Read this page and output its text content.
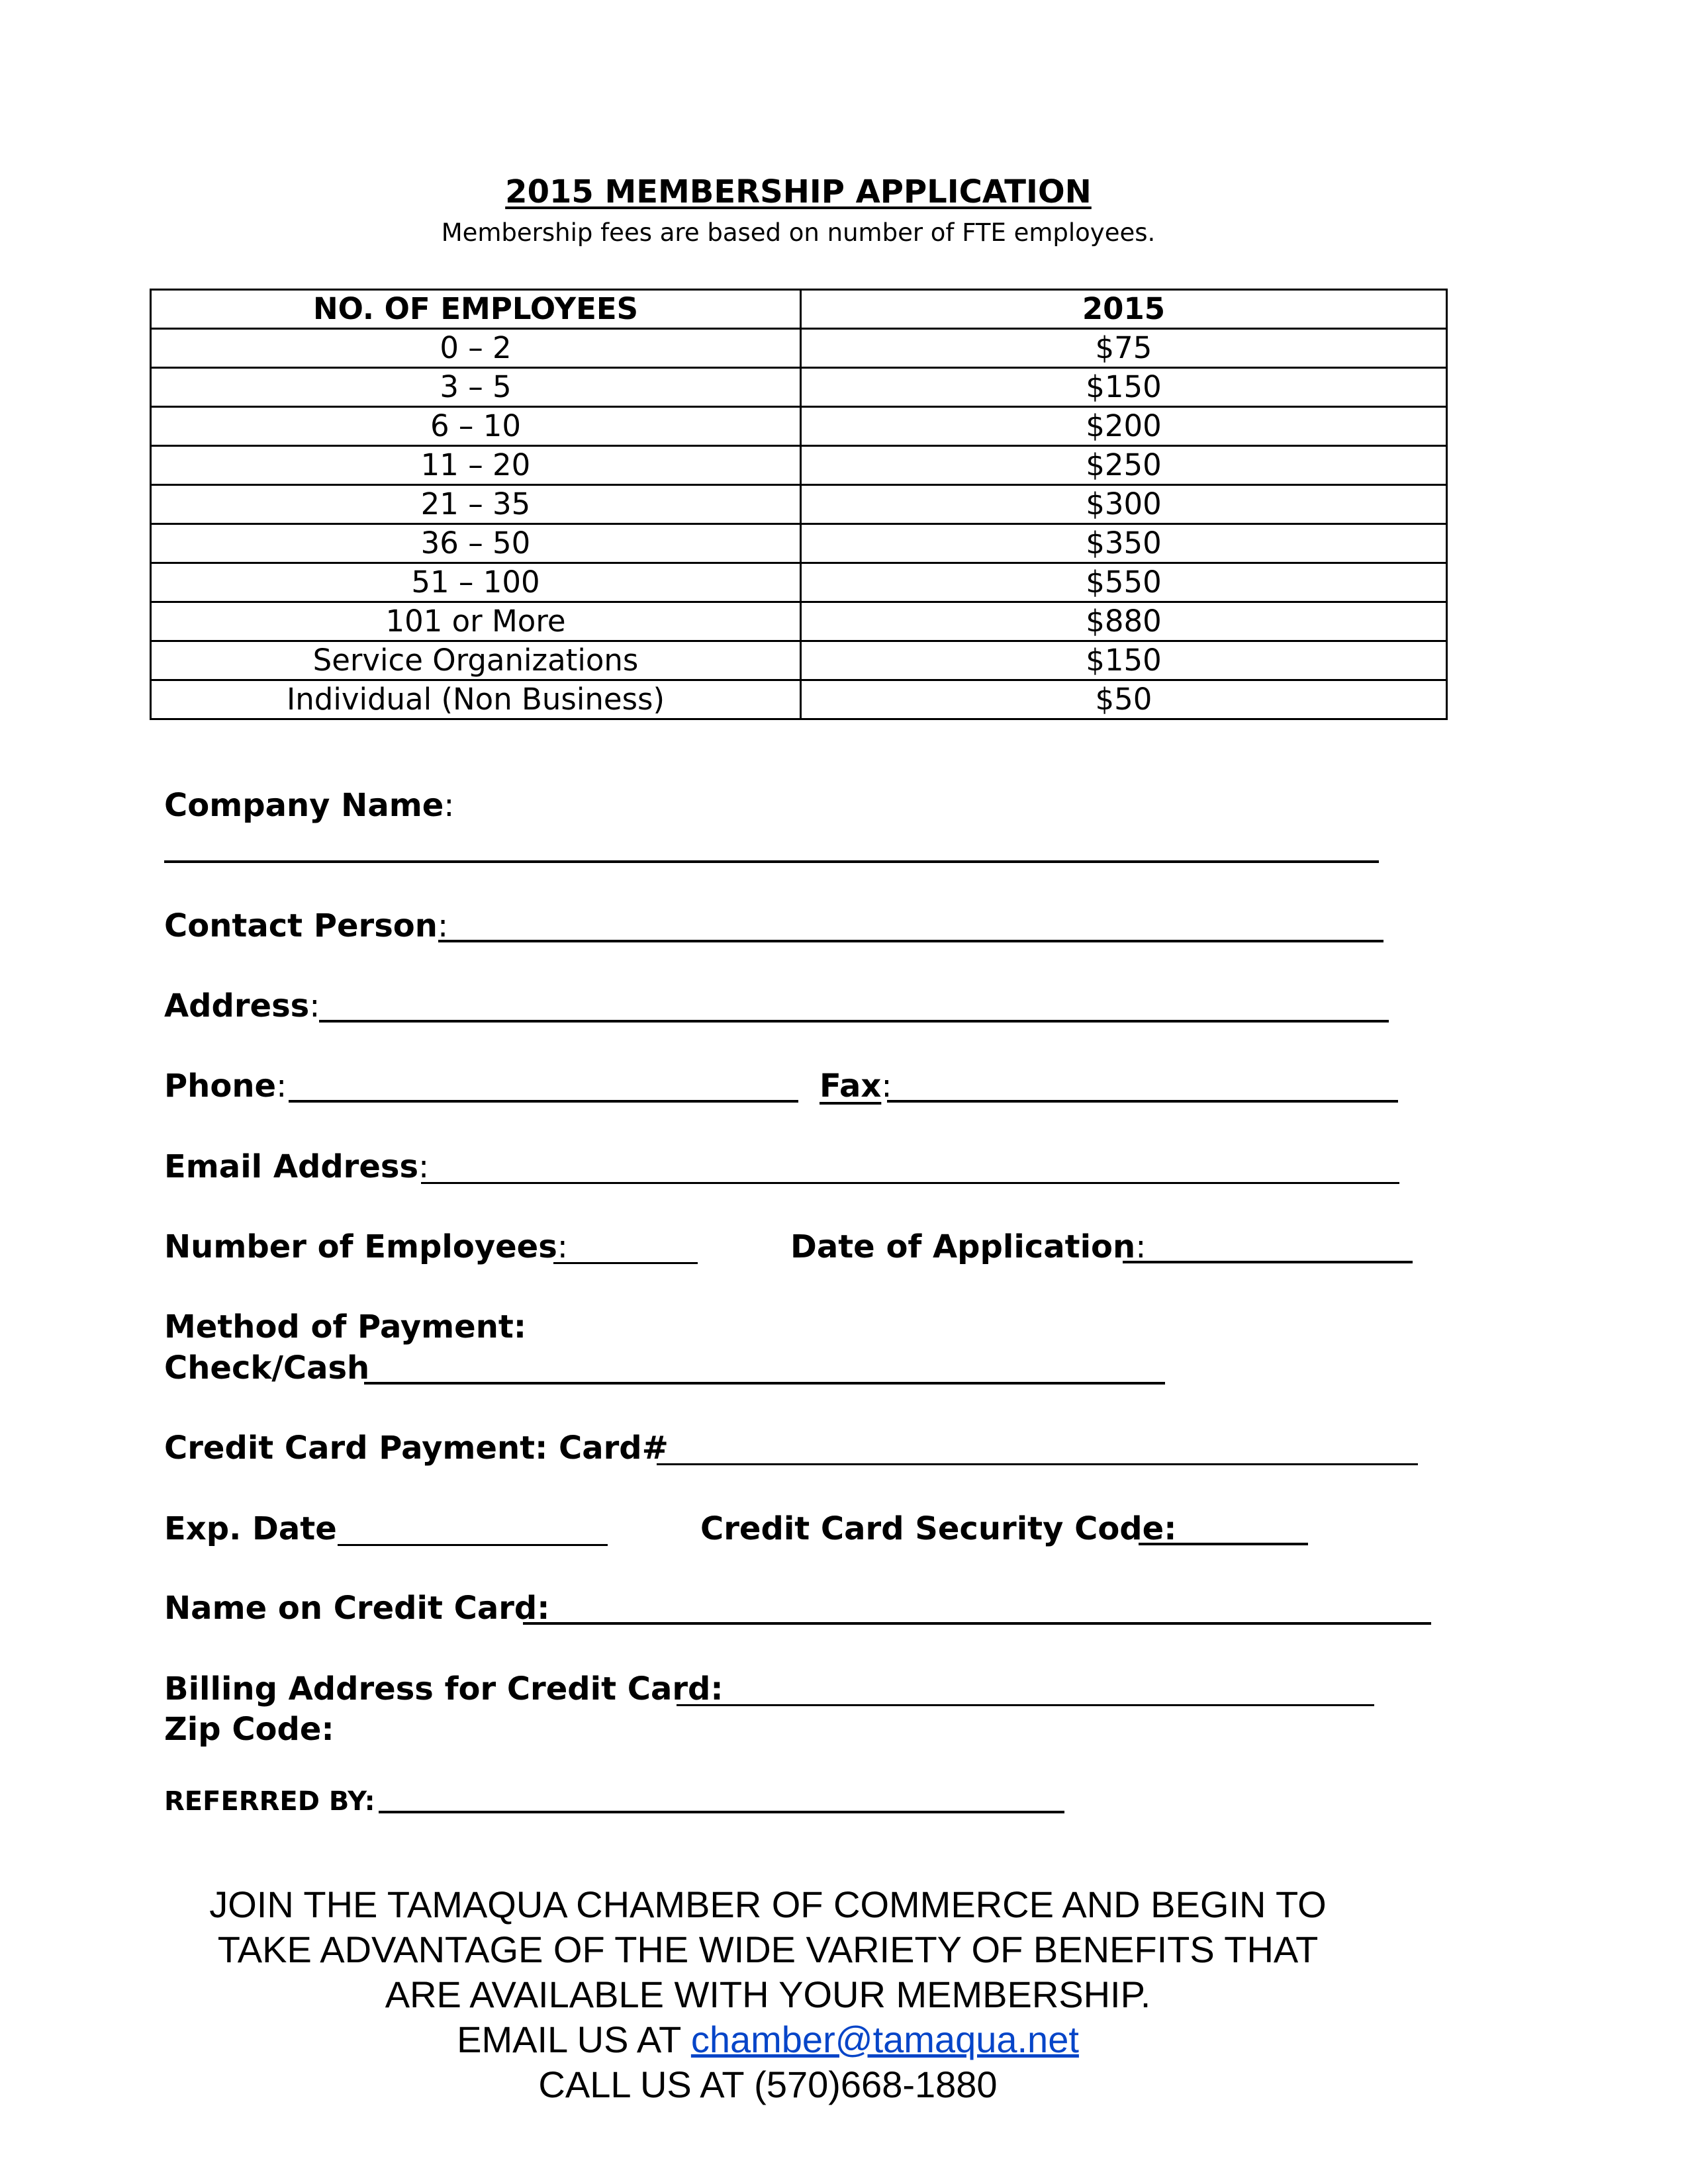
2015 MEMBERSHIP APPLICATION
Membership fees are based on number of FTE employees.
NO. OF EMPLOYEES	2015
0 – 2	$75
3 – 5	$150
6 – 10	$200
11 – 20	$250
21 – 35	$300
36 – 50	$350
51 – 100	$550
101 or More	$880
Service Organizations	$150
Individual (Non Business)	$50
Company Name:
Contact Person:
Address:
Phone:	Fax:
Email Address:
Number of Employees:	Date of Application:
Method of Payment:
Check/Cash
Credit Card Payment: Card#
Exp. Date	Credit Card Security Code:
Name on Credit Card:
Billing Address for Credit Card:
Zip Code:
REFERRED BY:
JOIN THE TAMAQUA CHAMBER OF COMMERCE AND BEGIN TO
TAKE ADVANTAGE OF THE WIDE VARIETY OF BENEFITS THAT
ARE AVAILABLE WITH YOUR MEMBERSHIP.
EMAIL US AT chamber@tamaqua.net
CALL US AT (570)668-1880
